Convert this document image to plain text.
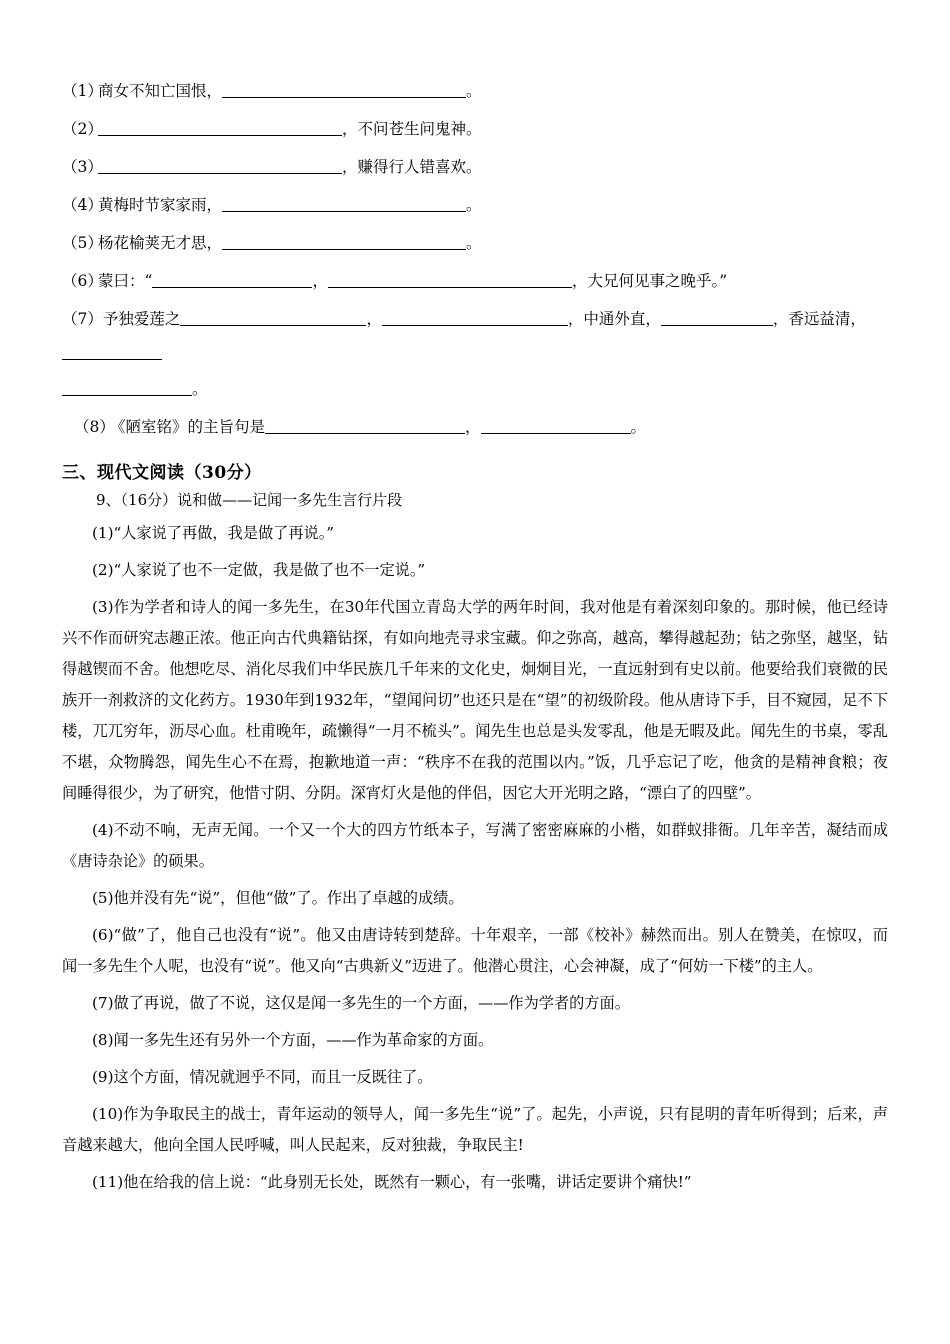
（1）商女不知亡国恨，	。
（2）	，不问苍生问鬼神。
（3）	，赚得行人错喜欢。
（4）黄梅时节家家雨，	。
（5）杨花榆荚无才思，	。
（6）蒙曰：“	，	，大兄何见事之晚乎。”
（7）予独爱莲之	，	，中通外直，	，香远益清，
。
（8）《陋室铭》的主旨句是	，	。
三、现代文阅读（30分）
9、（16分）说和做——记闻一多先生言行片段
(1)“人家说了再做，我是做了再说。”
(2)“人家说了也不一定做，我是做了也不一定说。”
(3)作为学者和诗人的闻一多先生，在30年代国立青岛大学的两年时间，我对他是有着深刻印象的。那时候，他已经诗兴不作而研究志趣正浓。他正向古代典籍钻探，有如向地壳寻求宝藏。仰之弥高，越高，攀得越起劲；钻之弥坚，越坚，钻得越锲而不舍。他想吃尽、消化尽我们中华民族几千年来的文化史，炯炯目光，一直远射到有史以前。他要给我们衰微的民族开一剂救济的文化药方。1930年到1932年，“望闻问切”也还只是在“望”的初级阶段。他从唐诗下手，目不窥园，足不下楼，兀兀穷年，沥尽心血。杜甫晚年，疏懒得“一月不梳头”。闻先生也总是头发零乱，他是无暇及此。闻先生的书桌，零乱不堪，众物腾怨，闻先生心不在焉，抱歉地道一声：“秩序不在我的范围以内。”饭，几乎忘记了吃，他贪的是精神食粮；夜间睡得很少，为了研究，他惜寸阴、分阴。深宵灯火是他的伴侣，因它大开光明之路，“漂白了的四壁”。
(4)不动不响，无声无闻。一个又一个大的四方竹纸本子，写满了密密麻麻的小楷，如群蚁排衙。几年辛苦，凝结而成《唐诗杂论》的硕果。
(5)他并没有先“说”，但他“做”了。作出了卓越的成绩。
(6)“做”了，他自己也没有“说”。他又由唐诗转到楚辞。十年艰辛，一部《校补》赫然而出。别人在赞美，在惊叹，而闻一多先生个人呢，也没有“说”。他又向“古典新义”迈进了。他潜心贯注，心会神凝，成了“何妨一下楼”的主人。
(7)做了再说，做了不说，这仅是闻一多先生的一个方面，——作为学者的方面。
(8)闻一多先生还有另外一个方面，——作为革命家的方面。
(9)这个方面，情况就迥乎不同，而且一反既往了。
(10)作为争取民主的战士，青年运动的领导人，闻一多先生“说”了。起先，小声说，只有昆明的青年听得到；后来，声音越来越大，他向全国人民呼喊，叫人民起来，反对独裁，争取民主!
(11)他在给我的信上说：“此身别无长处，既然有一颗心，有一张嘴，讲话定要讲个痛快!”
